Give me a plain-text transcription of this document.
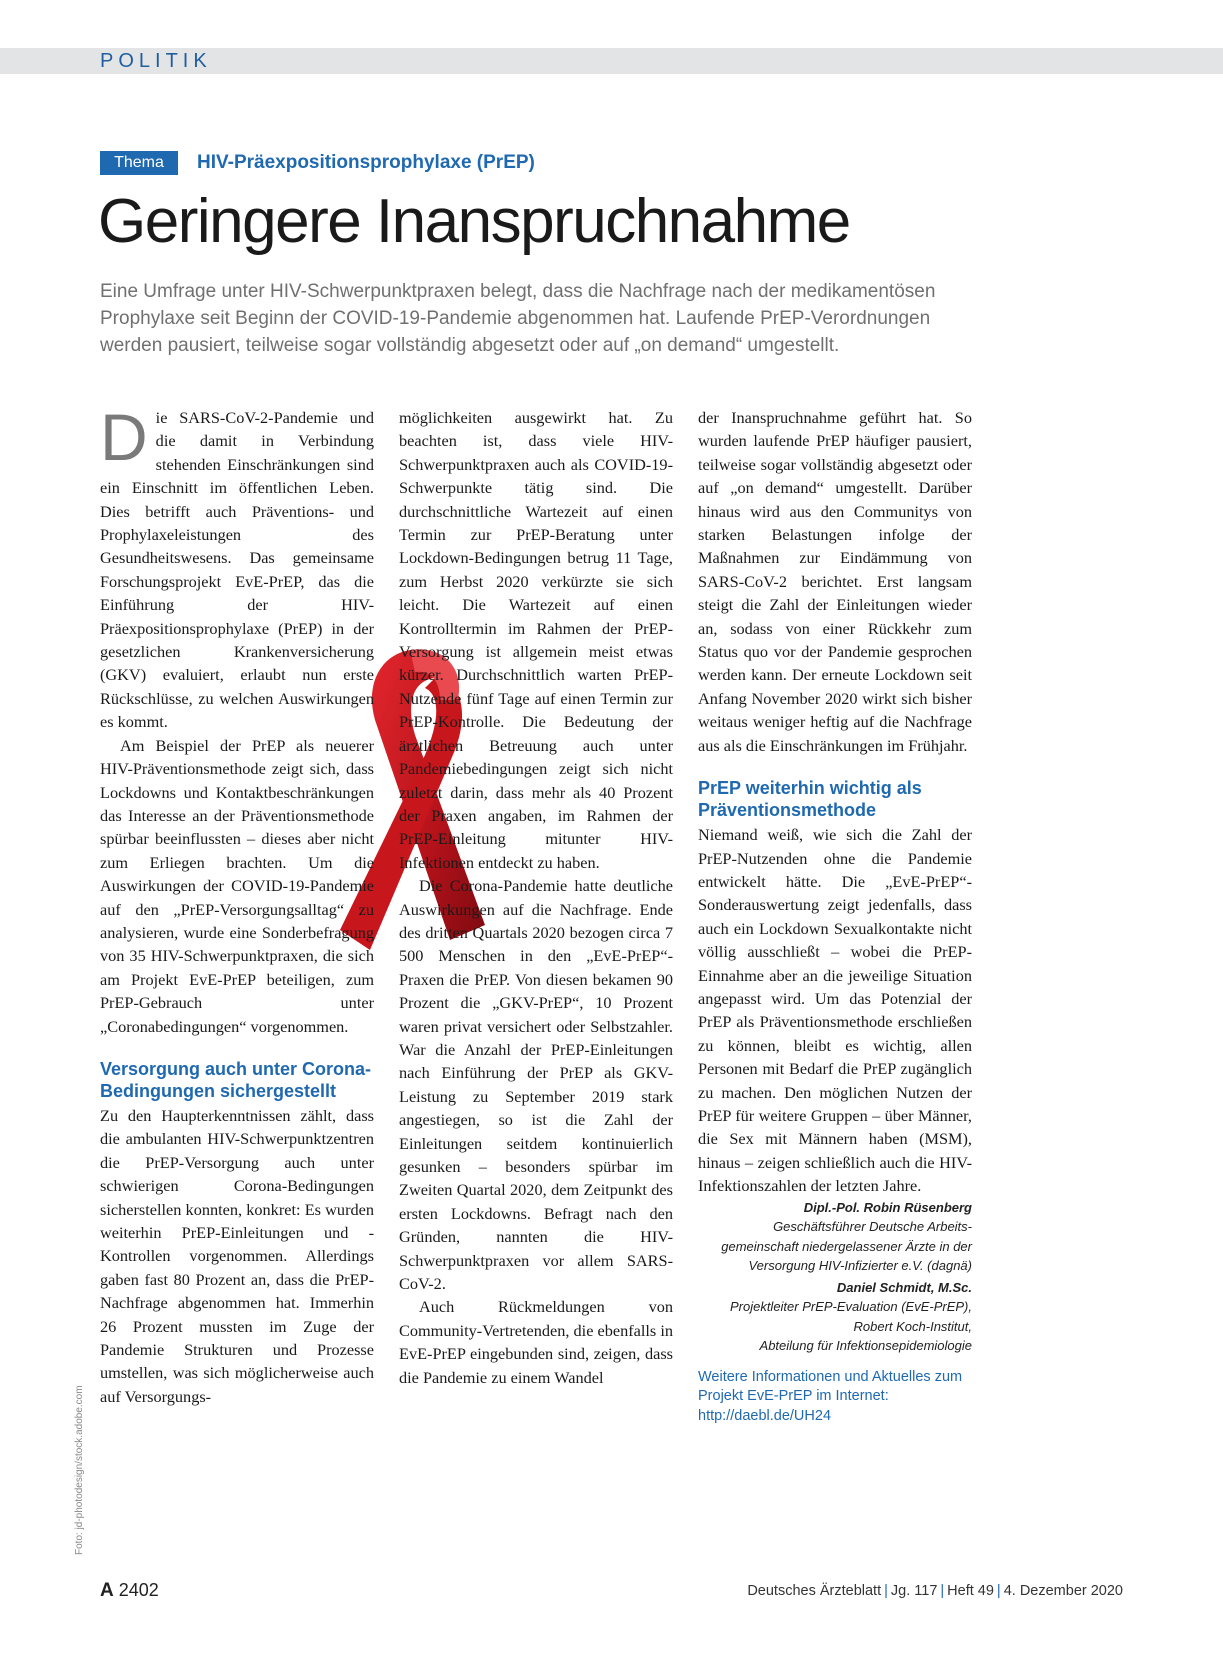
POLITIK
Thema	HIV-Präexpositionsprophylaxe (PrEP)
Geringere Inanspruchnahme

Eine Umfrage unter HIV-Schwerpunktpraxen belegt, dass die Nachfrage nach der medikamentösen Prophylaxe seit Beginn der COVID-19-Pandemie abgenommen hat. Laufende PrEP-Verordnungen werden pausiert, teilweise sogar vollständig abgesetzt oder auf „on demand“ umgestellt.

Die SARS-CoV-2-Pandemie und die damit in Verbindung stehenden Einschränkungen sind ein Einschnitt im öffentlichen Leben. Dies betrifft auch Präventions- und Prophylaxeleistungen des Gesundheitswesens. Das gemeinsame Forschungsprojekt EvE-PrEP, das die Einführung der HIV-Präexpositionsprophylaxe (PrEP) in der gesetzlichen Krankenversicherung (GKV) evaluiert, erlaubt nun erste Rückschlüsse, zu welchen Auswirkungen es kommt.

Am Beispiel der PrEP als neuerer HIV-Präventionsmethode zeigt sich, dass Lockdowns und Kontaktbeschränkungen das Interesse an der Präventionsmethode spürbar beeinflussten – dieses aber nicht zum Erliegen brachten. Um die Auswirkungen der COVID-19-Pandemie auf den „PrEP-Versorgungsalltag“ zu analysieren, wurde eine Sonderbefragung von 35 HIV-Schwerpunktpraxen, die sich am Projekt EvE-PrEP beteiligen, zum PrEP-Gebrauch unter „Coronabedingungen“ vorgenommen.

Versorgung auch unter Corona-Bedingungen sichergestellt

Zu den Haupterkenntnissen zählt, dass die ambulanten HIV-Schwerpunktzentren die PrEP-Versorgung auch unter schwierigen Corona-Bedingungen sicherstellen konnten, konkret: Es wurden weiterhin PrEP-Einleitungen und -Kontrollen vorgenommen. Allerdings gaben fast 80 Prozent an, dass die PrEP-Nachfrage abgenommen hat. Immerhin 26 Prozent mussten im Zuge der Pandemie Strukturen und Prozesse umstellen, was sich möglicherweise auch auf Versorgungs-

möglichkeiten ausgewirkt hat. Zu beachten ist, dass viele HIV-Schwerpunktpraxen auch als COVID-19-Schwerpunkte tätig sind. Die durchschnittliche Wartezeit auf einen Termin zur PrEP-Beratung unter Lockdown-Bedingungen betrug 11 Tage, zum Herbst 2020 verkürzte sie sich leicht. Die Wartezeit auf einen Kontrolltermin im Rahmen der PrEP-Versorgung ist allgemein meist etwas kürzer. Durchschnittlich warten PrEP-Nutzende fünf Tage auf einen Termin zur PrEP-Kontrolle. Die Bedeutung der ärztlichen Betreuung auch unter Pandemiebedingungen zeigt sich nicht zuletzt darin, dass mehr als 40 Prozent der Praxen angaben, im Rahmen der PrEP-Einleitung mitunter HIV-Infektionen entdeckt zu haben.

Die Corona-Pandemie hatte deutliche Auswirkungen auf die Nachfrage. Ende des dritten Quartals 2020 bezogen circa 7 500 Menschen in den „EvE-PrEP“-Praxen die PrEP. Von diesen bekamen 90 Prozent die „GKV-PrEP“, 10 Prozent waren privat versichert oder Selbstzahler. War die Anzahl der PrEP-Einleitungen nach Einführung der PrEP als GKV-Leistung zu September 2019 stark angestiegen, so ist die Zahl der Einleitungen seitdem kontinuierlich gesunken – besonders spürbar im Zweiten Quartal 2020, dem Zeitpunkt des ersten Lockdowns. Befragt nach den Gründen, nannten die HIV-Schwerpunktpraxen vor allem SARS-CoV-2.

Auch Rückmeldungen von Community-Vertretenden, die ebenfalls in EvE-PrEP eingebunden sind, zeigen, dass die Pandemie zu einem Wandel

der Inanspruchnahme geführt hat. So wurden laufende PrEP häufiger pausiert, teilweise sogar vollständig abgesetzt oder auf „on demand“ umgestellt. Darüber hinaus wird aus den Communitys von starken Belastungen infolge der Maßnahmen zur Eindämmung von SARS-CoV-2 berichtet. Erst langsam steigt die Zahl der Einleitungen wieder an, sodass von einer Rückkehr zum Status quo vor der Pandemie gesprochen werden kann. Der erneute Lockdown seit Anfang November 2020 wirkt sich bisher weitaus weniger heftig auf die Nachfrage aus als die Einschränkungen im Frühjahr.

PrEP weiterhin wichtig als Präventionsmethode

Niemand weiß, wie sich die Zahl der PrEP-Nutzenden ohne die Pandemie entwickelt hätte. Die „EvE-PrEP“-Sonderauswertung zeigt jedenfalls, dass auch ein Lockdown Sexualkontakte nicht völlig ausschließt – wobei die PrEP-Einnahme aber an die jeweilige Situation angepasst wird. Um das Potenzial der PrEP als Präventionsmethode erschließen zu können, bleibt es wichtig, allen Personen mit Bedarf die PrEP zugänglich zu machen. Den möglichen Nutzen der PrEP für weitere Gruppen – über Männer, die Sex mit Männern haben (MSM), hinaus – zeigen schließlich auch die HIV-Infektionszahlen der letzten Jahre.

Dipl.-Pol. Robin Rüsenberg
Geschäftsführer Deutsche Arbeits-
gemeinschaft niedergelassener Ärzte in der
Versorgung HIV-Infizierter e.V. (dagnä)
Daniel Schmidt, M.Sc.
Projektleiter PrEP-Evaluation (EvE-PrEP),
Robert Koch-Institut,
Abteilung für Infektionsepidemiologie
Weitere Informationen und Aktuelles zum
Projekt EvE-PrEP im Internet:
http://daebl.de/UH24
Foto: jd-photodesign/stock.adobe.com
A 2402	Deutsches Ärzteblatt | Jg. 117 | Heft 49 | 4. Dezember 2020
